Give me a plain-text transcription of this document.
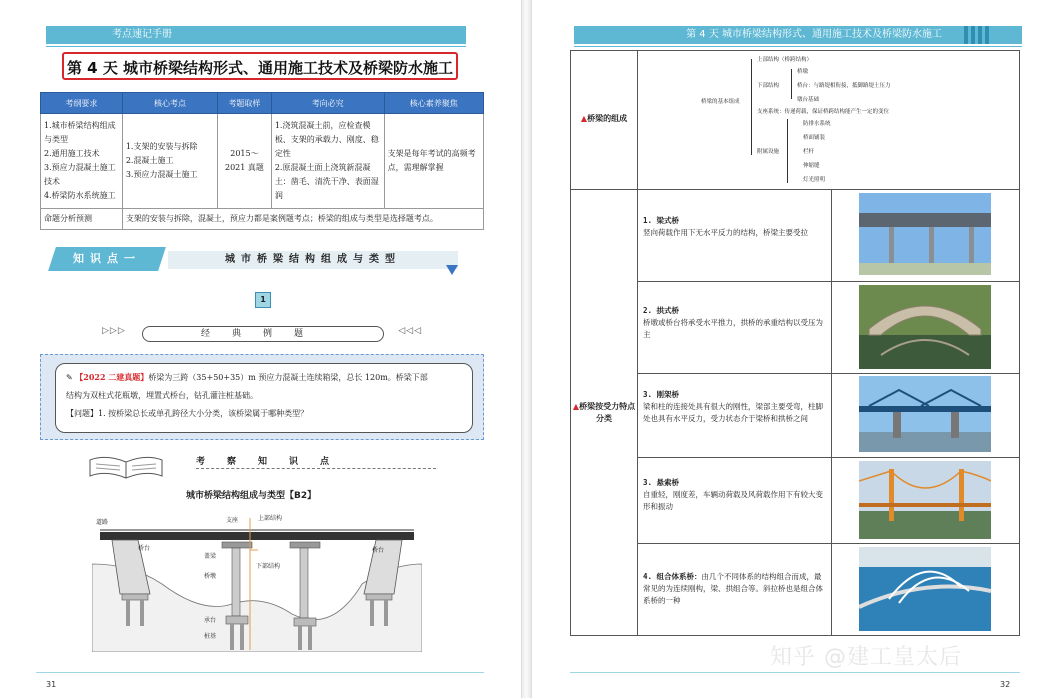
考点速记手册
第 4 天 城市桥梁结构形式、通用施工技术及桥梁防水施工
考纲要求	核心考点	考题取样	考向必究	核心素养聚焦
1.城市桥梁结构组成与类型
2.通用施工技术
3.预应力混凝土施工技术
4.桥梁防水系统施工	1.支架的安装与拆除
2.混凝土施工
3.预应力混凝土施工	2015～2021 真题	1.浇筑混凝土前，应检查模板、支架的承载力、刚度、稳定性
2.原混凝土面上浇筑新混凝土：凿毛、清洗干净、表面湿润	支架是每年考试的高频考点，需理解掌握
命题分析预测	支架的安装与拆除，混凝土，预应力都是案例题考点；桥梁的组成与类型是选择题考点。			
知识点一	城市桥梁结构组成与类型
1
▷▷▷	经典例题	◁◁◁
✎ 【2022 二建真题】桥梁为三跨（35+50+35）m 预应力混凝土连续箱梁，总长 120m。桥梁下部
结构为双柱式花瓶墩，埋置式桥台，钻孔灌注桩基础。
【问题】1. 按桥梁总长或单孔跨径大小分类，该桥梁属于哪种类型？
考察知识点
城市桥梁结构组成与类型【B2】
道路	支座	上部结构
桥台
盖梁
桥墩
下部结构
桥台
承台
桩基
31
第 4 天 城市桥梁结构形式、通用施工技术及桥梁防水施工
▲桥梁的组成
▲桥梁按受力特点分类
桥梁的基本组成
上部结构（桥跨结构）
下部结构
桥墩
桥台：与路堤相衔接，抵御路堤土压力
墩台基础
支座系统：传递荷载，保证桥跨结构能产生一定的变位
附属设施
防排水系统
桥面铺装
栏杆
伸缩缝
灯光照明
1. 梁式桥
竖向荷载作用下无水平反力的结构，桥梁主要受拉
2. 拱式桥
桥墩或桥台将承受水平推力，拱桥的承重结构以受压为主
3. 刚架桥
梁和柱的连接处具有很大的刚性，梁部主要受弯，柱脚处也具有水平反力，受力状态介于梁桥和拱桥之间
3. 悬索桥
自重轻，刚度差，车辆动荷载及风荷载作用下有较大变形和振动
4. 组合体系桥：由几个不同体系的结构组合而成，最常见的为连续刚构，梁、拱组合等。斜拉桥也是组合体系桥的一种
32
知乎 @建工皇太后
